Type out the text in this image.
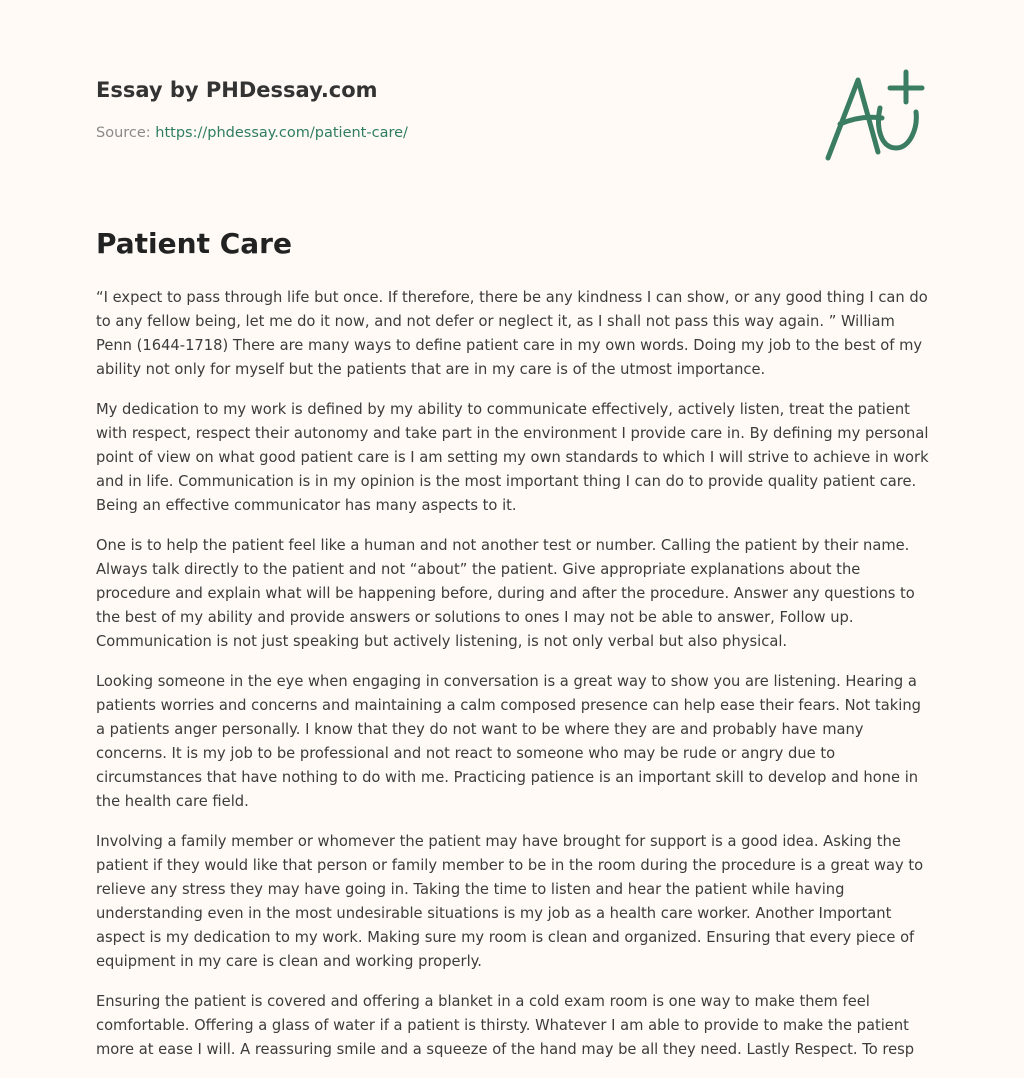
Essay by PHDessay.com
Source: https://phdessay.com/patient-care/
Patient Care

“I expect to pass through life but once. If therefore, there be any kindness I can show, or any good thing I can do to any fellow being, let me do it now, and not defer or neglect it, as I shall not pass this way again. ” William Penn (1644-1718) There are many ways to define patient care in my own words. Doing my job to the best of my ability not only for myself but the patients that are in my care is of the utmost importance.

My dedication to my work is defined by my ability to communicate effectively, actively listen, treat the patient with respect, respect their autonomy and take part in the environment I provide care in. By defining my personal point of view on what good patient care is I am setting my own standards to which I will strive to achieve in work and in life. Communication is in my opinion is the most important thing I can do to provide quality patient care. Being an effective communicator has many aspects to it.

One is to help the patient feel like a human and not another test or number. Calling the patient by their name. Always talk directly to the patient and not “about” the patient. Give appropriate explanations about the procedure and explain what will be happening before, during and after the procedure. Answer any questions to the best of my ability and provide answers or solutions to ones I may not be able to answer, Follow up. Communication is not just speaking but actively listening, is not only verbal but also physical.

Looking someone in the eye when engaging in conversation is a great way to show you are listening. Hearing a patients worries and concerns and maintaining a calm composed presence can help ease their fears. Not taking a patients anger personally. I know that they do not want to be where they are and probably have many concerns. It is my job to be professional and not react to someone who may be rude or angry due to circumstances that have nothing to do with me. Practicing patience is an important skill to develop and hone in the health care field.

Involving a family member or whomever the patient may have brought for support is a good idea. Asking the patient if they would like that person or family member to be in the room during the procedure is a great way to relieve any stress they may have going in. Taking the time to listen and hear the patient while having understanding even in the most undesirable situations is my job as a health care worker. Another Important aspect is my dedication to my work. Making sure my room is clean and organized. Ensuring that every piece of equipment in my care is clean and working properly.

Ensuring the patient is covered and offering a blanket in a cold exam room is one way to make them feel comfortable. Offering a glass of water if a patient is thirsty. Whatever I am able to provide to make the patient more at ease I will. A reassuring smile and a squeeze of the hand may be all they need. Lastly Respect. To resp
